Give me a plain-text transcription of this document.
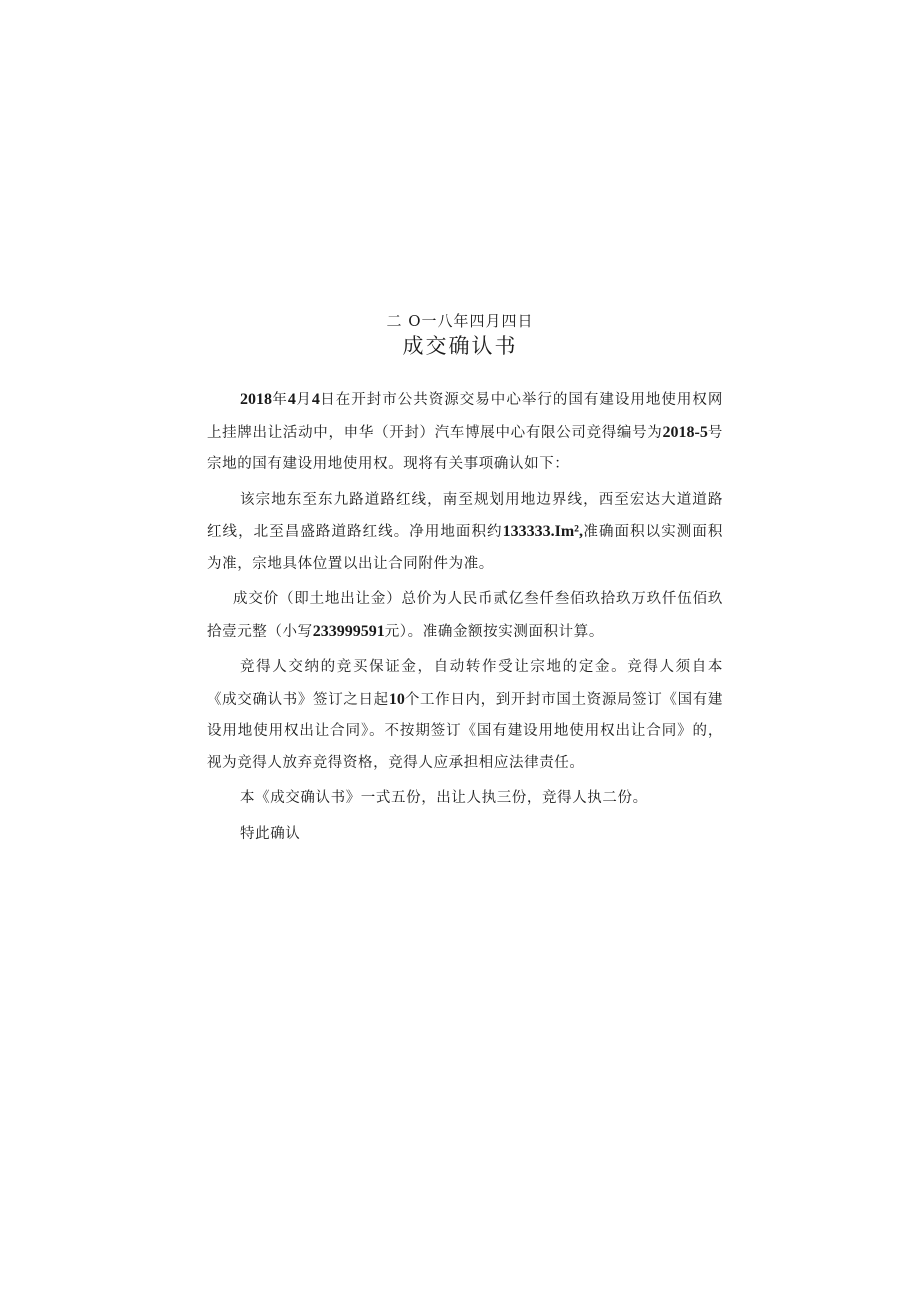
二 O一八年四月四日
成交确认书

2018年4月4日在开封市公共资源交易中心举行的国有建设用地使用权网上挂牌出让活动中，申华（开封）汽车博展中心有限公司竞得编号为2018-5号宗地的国有建设用地使用权。现将有关事项确认如下：

该宗地东至东九路道路红线，南至规划用地边界线，西至宏达大道道路红线，北至昌盛路道路红线。净用地面积约133333.Im²,准确面积以实测面积为准，宗地具体位置以出让合同附件为准。

成交价（即土地出让金）总价为人民币贰亿叁仟叁佰玖拾玖万玖仟伍佰玖拾壹元整（小写233999591元）。准确金额按实测面积计算。

竞得人交纳的竞买保证金，自动转作受让宗地的定金。竞得人须自本《成交确认书》签订之日起10个工作日内，到开封市国土资源局签订《国有建设用地使用权出让合同》。不按期签订《国有建设用地使用权出让合同》的，视为竞得人放弃竞得资格，竞得人应承担相应法律责任。

本《成交确认书》一式五份，出让人执三份，竞得人执二份。

特此确认
